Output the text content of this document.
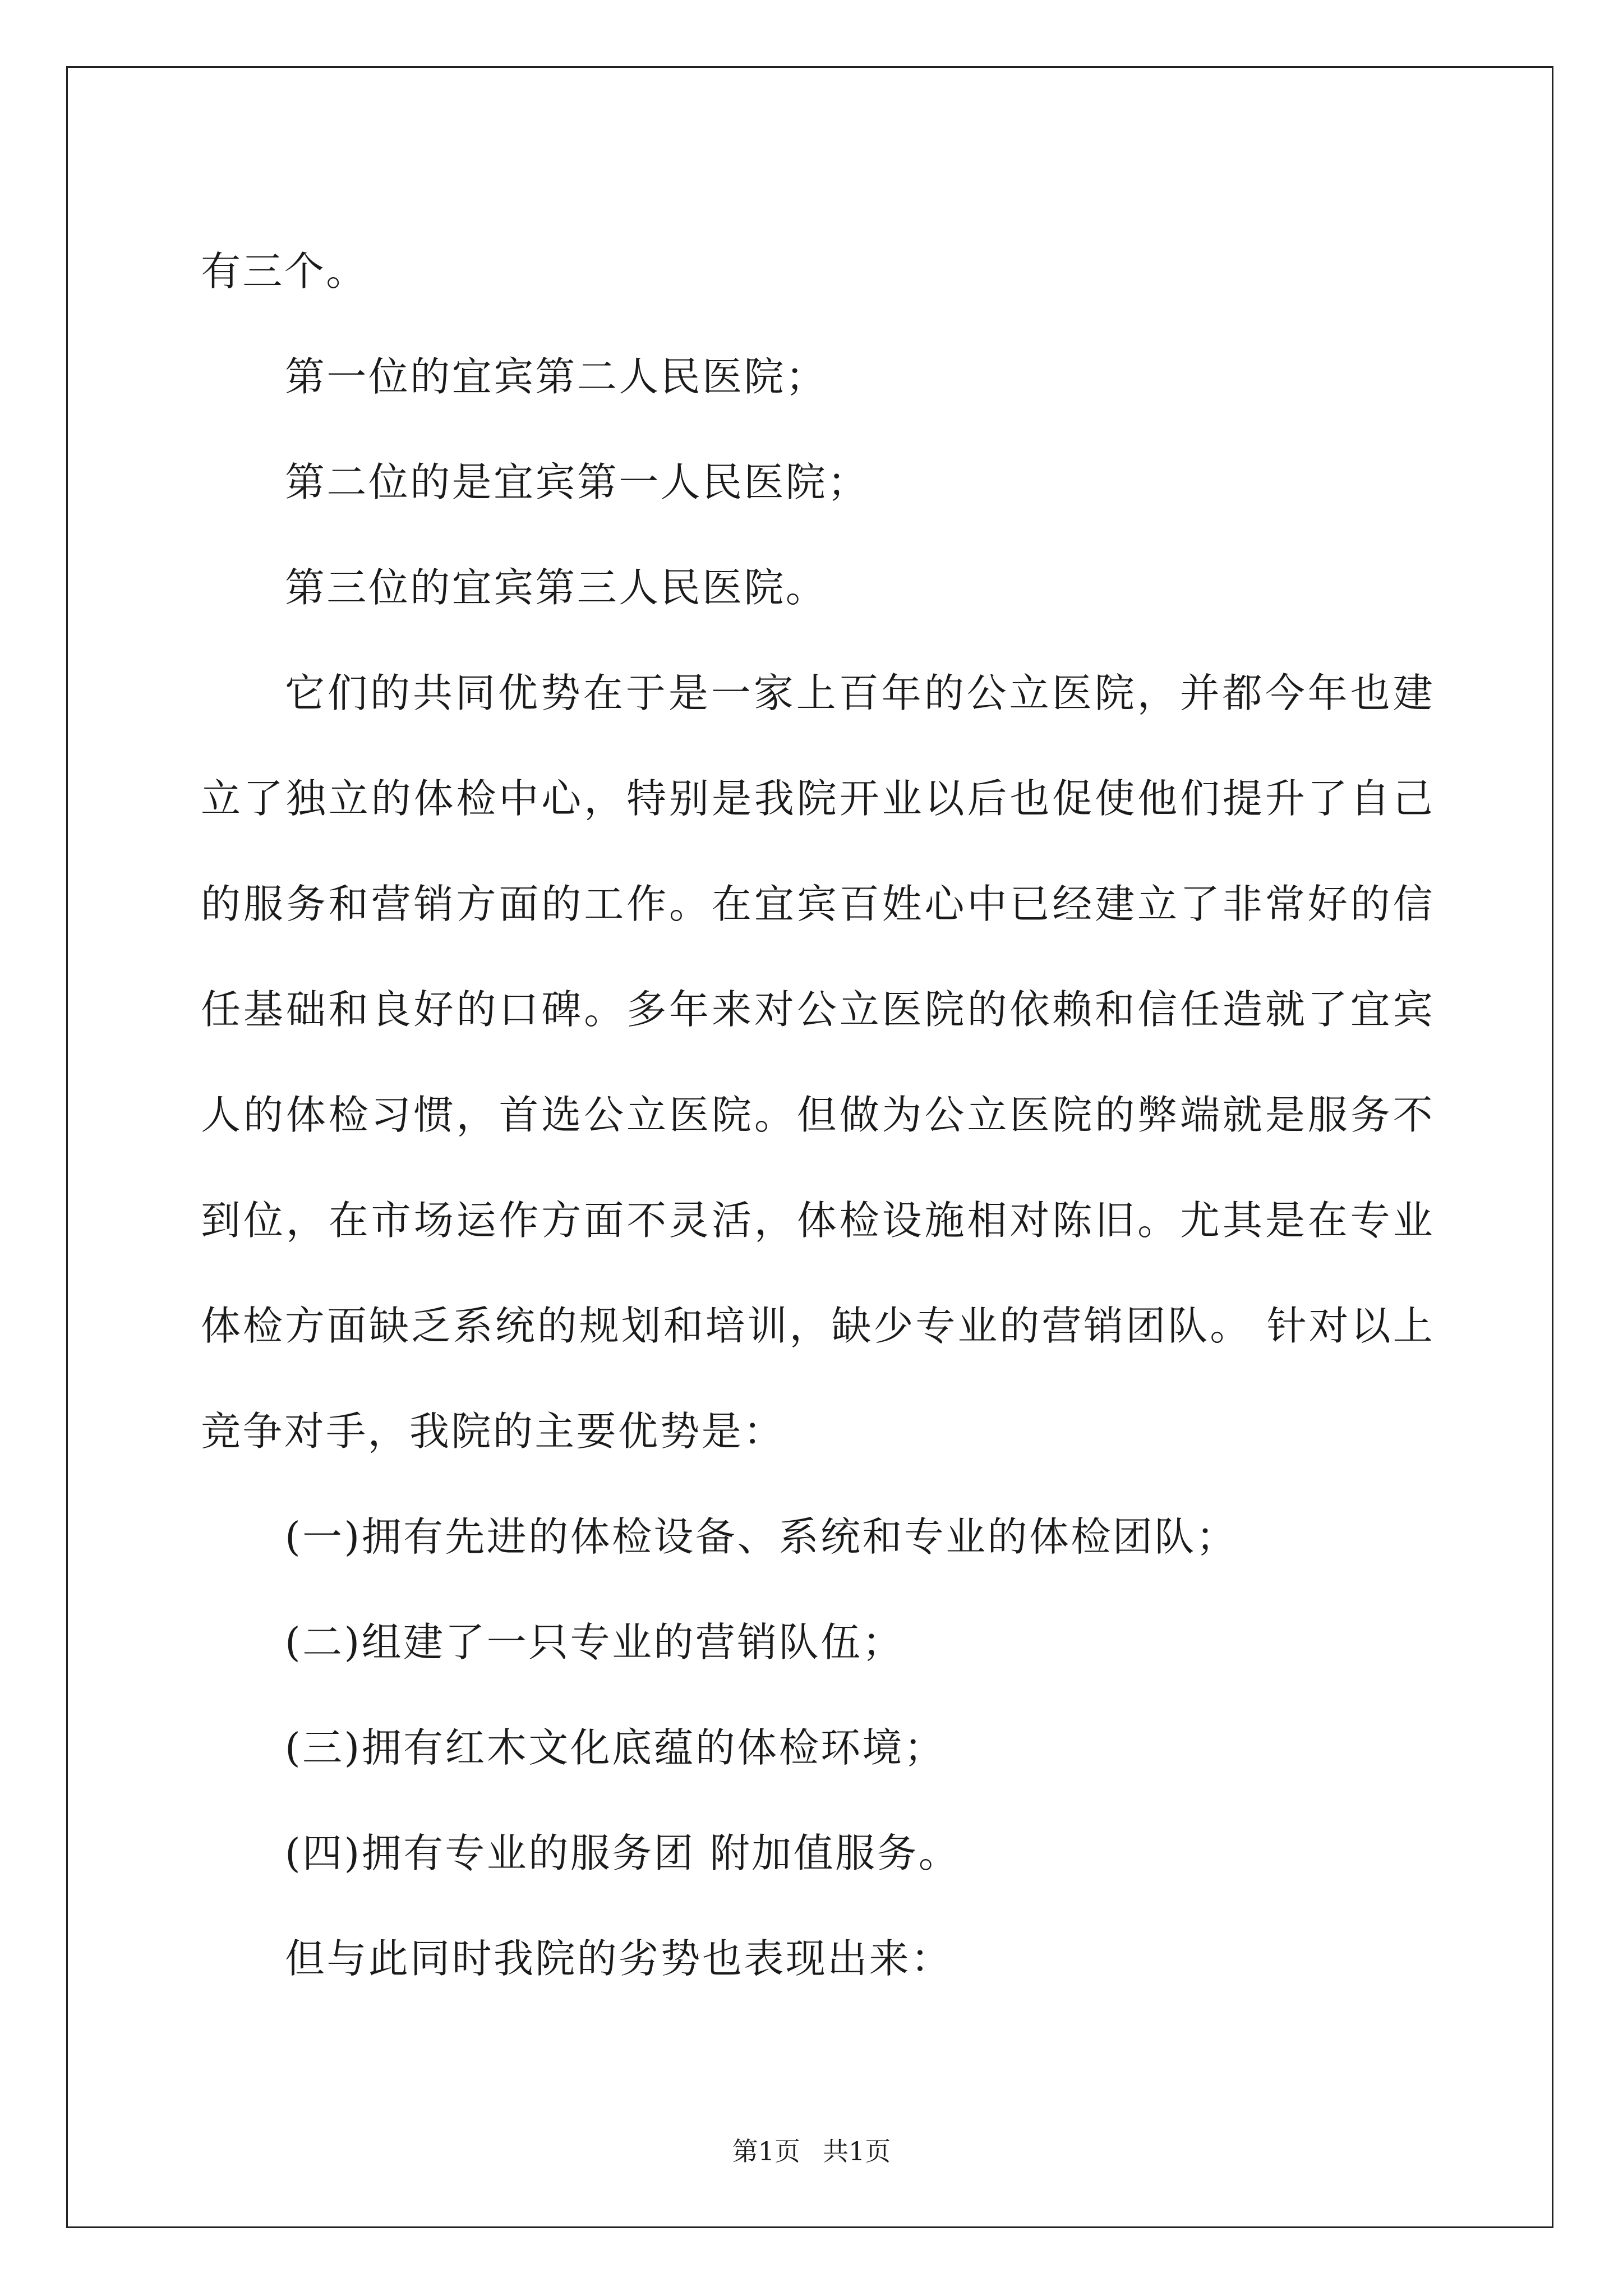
有三个。

第一位的宜宾第二人民医院；

第二位的是宜宾第一人民医院；

第三位的宜宾第三人民医院。

它们的共同优势在于是一家上百年的公立医院，并都今年也建立了独立的体检中心，特别是我院开业以后也促使他们提升了自己的服务和营销方面的工作。在宜宾百姓心中已经建立了非常好的信任基础和良好的口碑。多年来对公立医院的依赖和信任造就了宜宾人的体检习惯，首选公立医院。但做为公立医院的弊端就是服务不到位，在市场运作方面不灵活，体检设施相对陈旧。尤其是在专业体检方面缺乏系统的规划和培训，缺少专业的营销团队。 针对以上竞争对手，我院的主要优势是：

(一)拥有先进的体检设备、系统和专业的体检团队；

(二)组建了一只专业的营销队伍；

(三)拥有红木文化底蕴的体检环境；

(四)拥有专业的服务团 附加值服务。

但与此同时我院的劣势也表现出来：

第1页 共1页
